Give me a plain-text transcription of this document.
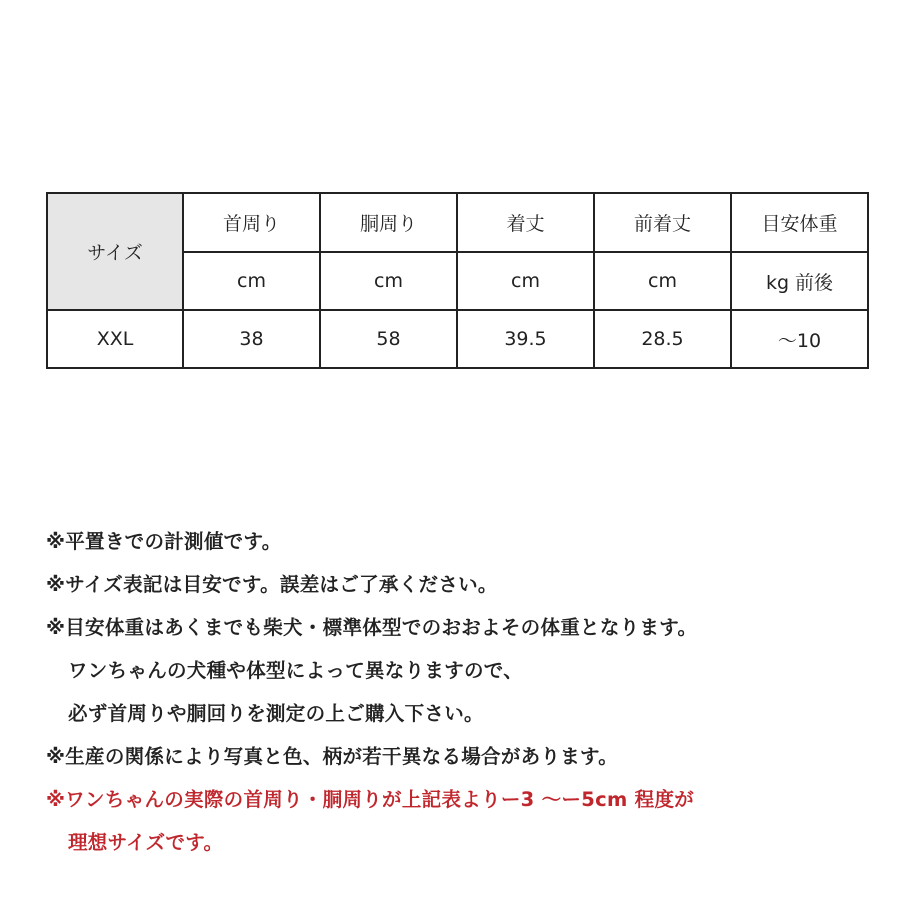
サイズ	首周り	胴周り	着丈	前着丈	目安体重
	cm	cm	cm	cm	kg 前後
XXL	38	58	39.5	28.5	～10
※平置きでの計測値です。
※サイズ表記は目安です。誤差はご了承ください。
※目安体重はあくまでも柴犬・標準体型でのおおよその体重となります。
ワンちゃんの犬種や体型によって異なりますので、
必ず首周りや胴回りを測定の上ご購入下さい。
※生産の関係により写真と色、柄が若干異なる場合があります。
※ワンちゃんの実際の首周り・胴周りが上記表よりー3 ～ー5cm 程度が
理想サイズです。
